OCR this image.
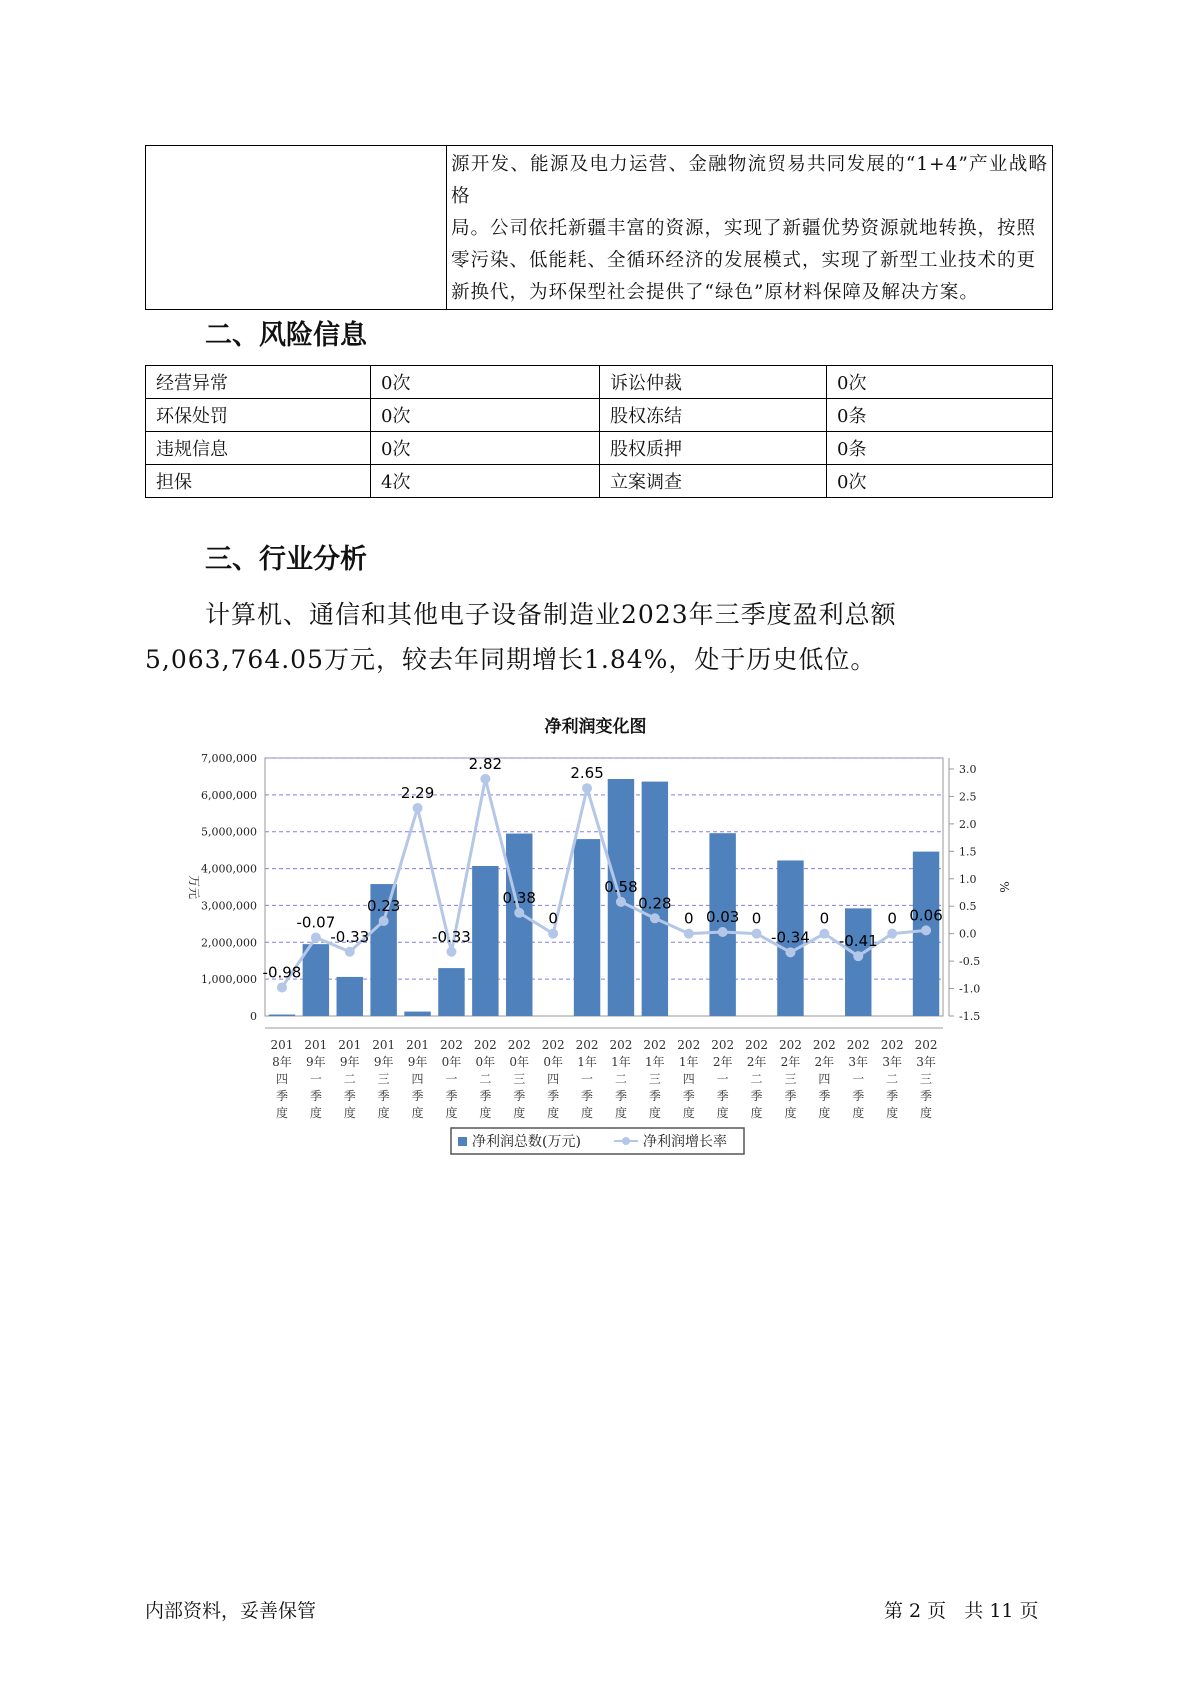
源开发、能源及电力运营、金融物流贸易共同发展的“1+4”产业战略格
局。公司依托新疆丰富的资源，实现了新疆优势资源就地转换，按照
零污染、低能耗、全循环经济的发展模式，实现了新型工业技术的更
新换代，为环保型社会提供了“绿色”原材料保障及解决方案。
二、风险信息
经营异常	0次	诉讼仲裁	0次
环保处罚	0次	股权冻结	0条
违规信息	0次	股权质押	0条
担保	4次	立案调查	0次
三、行业分析
计算机、通信和其他电子设备制造业2023年三季度盈利总额
5,063,764.05万元，较去年同期增长1.84%，处于历史低位。
净利润变化图
7,000,000
6,000,000
5,000,000
4,000,000
3,000,000
2,000,000
1,000,000
0
3.0
2.5
2.0
1.5
1.0
0.5
0.0
-0.5
-1.0
-1.5
万元	%
201 8年四季度
201 9年一季度
201 9年二季度
201 9年三季度
201 9年四季度
202 0年一季度
202 0年二季度
202 0年三季度
202 0年四季度
202 1年一季度
202 1年二季度
202 1年三季度
202 1年四季度
202 2年一季度
202 2年二季度
202 2年三季度
202 2年四季度
202 3年一季度
202 3年二季度
202 3年三季度
-0.98
-0.07
-0.33
0.23
2.29
-0.33
2.82
0.38
0
2.65
0.58
0.28
0 0.03 0
-0.34
0
-0.41
0 0.06
净利润总数(万元)	净利润增长率
内部资料，妥善保管	第 2 页   共 11 页
